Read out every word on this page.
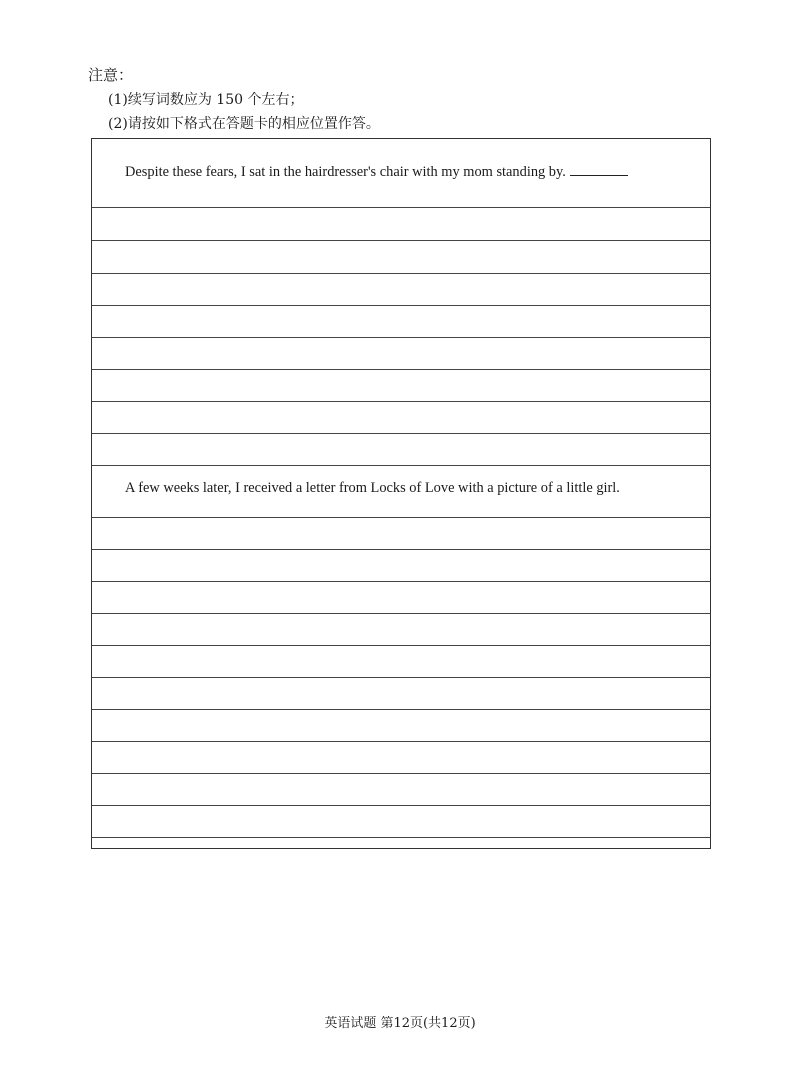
注意：
(1)续写词数应为 150 个左右；
(2)请按如下格式在答题卡的相应位置作答。
Despite these fears, I sat in the hairdresser's chair with my mom standing by.
A few weeks later, I received a letter from Locks of Love with a picture of a little girl.
英语试题 第12页(共12页)
